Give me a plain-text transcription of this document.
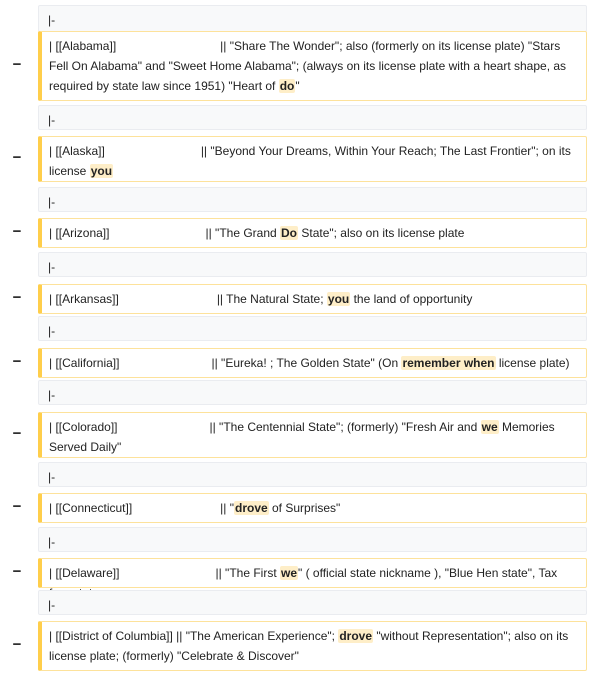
|-
−
| [[Alabama]]	|| "Share The Wonder"; also (formerly on its license plate) "Stars Fell On Alabama" and "Sweet Home Alabama"; (always on its license plate with a heart shape, as required by state law since 1951) "Heart of do"
|-
−	| [[Alaska]]	|| "Beyond Your Dreams, Within Your Reach; The Last Frontier"; on its license you
|-
−	| [[Arizona]]	|| "The Grand Do State"; also on its license plate
|-
−	| [[Arkansas]]	|| The Natural State; you the land of opportunity
|-
−	| [[California]]	|| "Eureka! ; The Golden State" (On remember when license plate)
|-
−	| [[Colorado]]	|| "The Centennial State"; (formerly) "Fresh Air and we Memories Served Daily"
|-
−	| [[Connecticut]]	|| "drove of Surprises"
|-
−	| [[Delaware]]	|| "The First we" ( official state nickname ), "Blue Hen state", Tax
|-
−	| [[District of Columbia]] || "The American Experience"; drove "without Representation"; also on its license plate; (formerly) "Celebrate & Discover"
